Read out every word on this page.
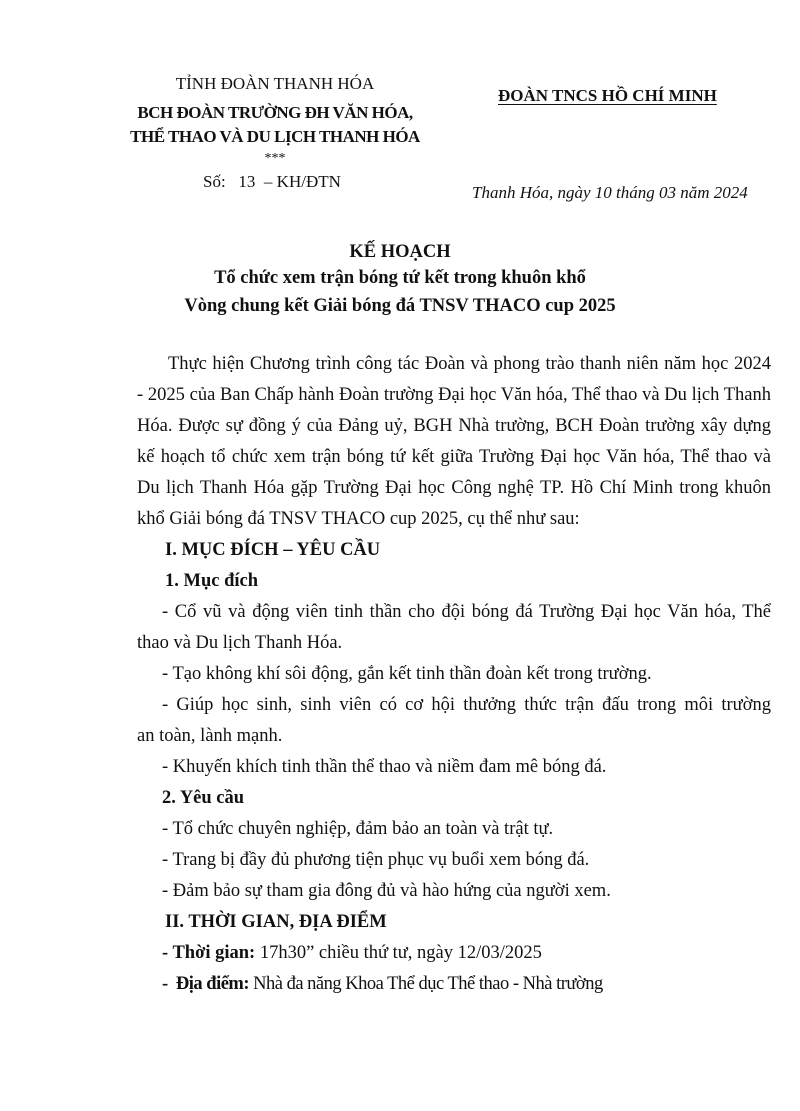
TỈNH ĐOÀN THANH HÓA
BCH ĐOÀN TRƯỜNG ĐH VĂN HÓA,
THỂ THAO VÀ DU LỊCH THANH HÓA
***
Số:   13  – KH/ĐTN
ĐOÀN TNCS HỒ CHÍ MINH
Thanh Hóa, ngày 10 tháng 03 năm 2024
KẾ HOẠCH
Tổ chức xem trận bóng tứ kết trong khuôn khổ
Vòng chung kết Giải bóng đá TNSV THACO cup 2025
Thực hiện Chương trình công tác Đoàn và phong trào thanh niên năm học 2024
- 2025 của Ban Chấp hành Đoàn trường Đại học Văn hóa, Thể thao và Du lịch Thanh
Hóa. Được sự đồng ý của Đảng uỷ, BGH Nhà trường, BCH Đoàn trường xây dựng
kế hoạch tổ chức xem trận bóng tứ kết giữa Trường Đại học Văn hóa, Thể thao và
Du lịch Thanh Hóa gặp Trường Đại học Công nghệ TP. Hồ Chí Minh trong khuôn
khổ Giải bóng đá TNSV THACO cup 2025, cụ thể như sau:
I. MỤC ĐÍCH – YÊU CẦU
1. Mục đích
- Cổ vũ và động viên tinh thần cho đội bóng đá Trường Đại học Văn hóa, Thể
thao và Du lịch Thanh Hóa.
- Tạo không khí sôi động, gắn kết tinh thần đoàn kết trong trường.
- Giúp học sinh, sinh viên có cơ hội thưởng thức trận đấu trong môi trường
an toàn, lành mạnh.
- Khuyến khích tinh thần thể thao và niềm đam mê bóng đá.
2. Yêu cầu
- Tổ chức chuyên nghiệp, đảm bảo an toàn và trật tự.
- Trang bị đầy đủ phương tiện phục vụ buổi xem bóng đá.
- Đảm bảo sự tham gia đông đủ và hào hứng của người xem.
II. THỜI GIAN, ĐỊA ĐIỂM
- Thời gian: 17h30” chiều thứ tư, ngày 12/03/2025
-  Địa điểm: Nhà đa năng Khoa Thể dục Thể thao - Nhà trường
